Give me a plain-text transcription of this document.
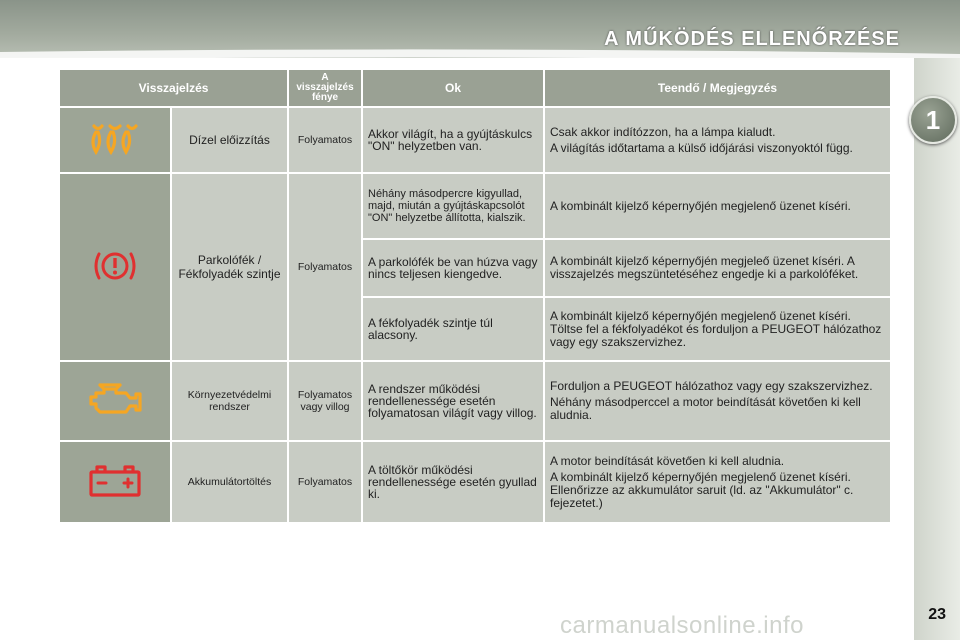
A MŰKÖDÉS ELLENŐRZÉSE
1
Visszajelzés		A visszajelzés fénye	Ok	Teendő / Megjegyzés
	Dízel előizzítás	Folyamatos	Akkor világít, ha a gyújtáskulcs "ON" helyzetben van.	Csak akkor indítózzon, ha a lámpa kialudt.

A világítás időtartama a külső időjárási viszonyoktól függ.

	Parkolófék / Fékfolyadék szintje	Folyamatos	Néhány másodpercre kigyullad, majd, miután a gyújtáskapcsolót "ON" helyzetbe állította, kialszik.	A kombinált kijelző képernyőjén megjelenő üzenet kíséri.

			A parkolófék be van húzva vagy nincs teljesen kiengedve.	A kombinált kijelző képernyőjén megjeleő üzenet kíséri. A visszajelzés megszüntetéséhez engedje ki a parkolóféket.

			A fékfolyadék szintje túl alacsony.	A kombinált kijelző képernyőjén megjelenő üzenet kíséri. Töltse fel a fékfolyadékot és forduljon a PEUGEOT hálózathoz vagy egy szakszervizhez.

	Környezetvédelmi rendszer	Folyamatos vagy villog	A rendszer működési rendellenessége esetén folyamatosan világít vagy villog.	Forduljon a PEUGEOT hálózathoz vagy egy szakszervizhez.

Néhány másodperccel a motor beindítását követően ki kell aludnia.

	Akkumulátortöltés	Folyamatos	A töltőkör működési rendellenessége esetén gyullad ki.	A motor beindítását követően ki kell aludnia.

A kombinált kijelző képernyőjén megjelenő üzenet kíséri. Ellenőrizze az akkumulátor saruit (ld. az "Akkumulátor" c. fejezetet.)

carmanualsonline.info	23
